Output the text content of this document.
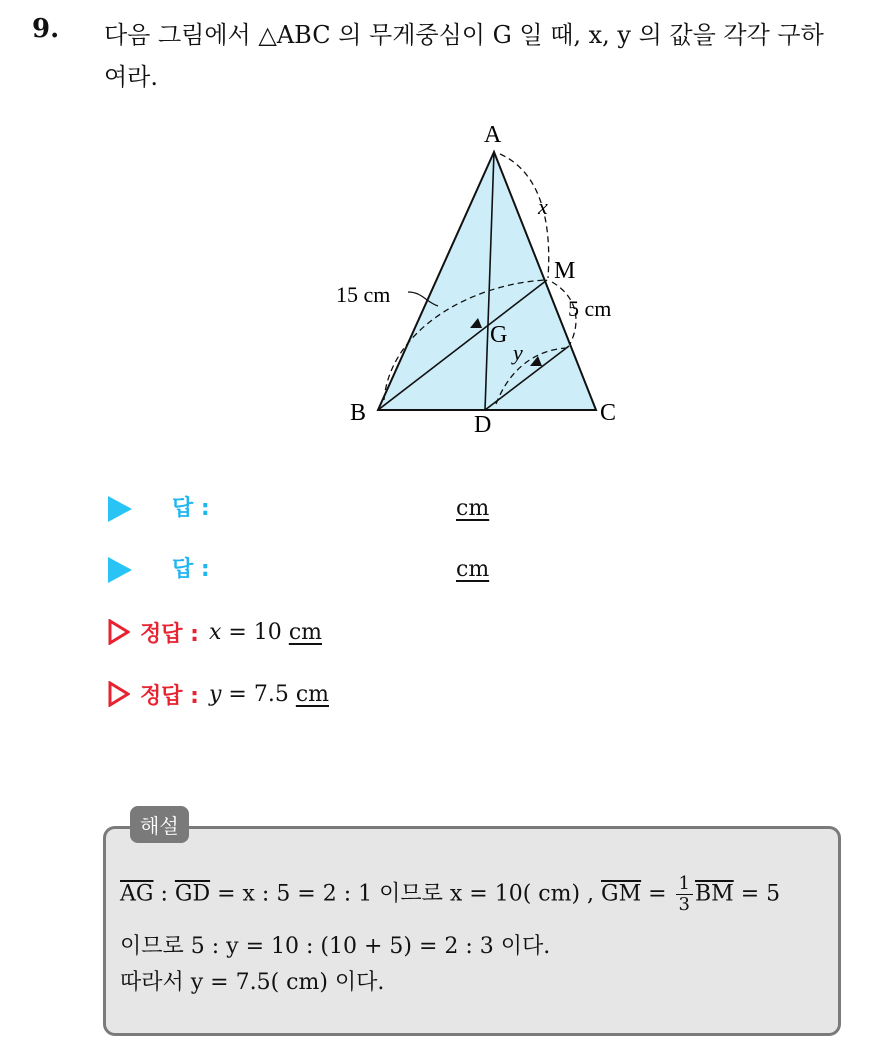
9. 다음 그림에서 △ABC 의 무게중심이 G 일 때, x, y 의 값을 각각 구하
여라.
A
B	C
D
G
M
x
y
15 cm
5 cm
답 :	cm
답 :	cm
정답 : x = 10 cm
정답 : y = 7.5 cm
해설
$\overline{AG}$ : $\overline{GD} = x$ : 5 = 2 : 1 이므로 x = 10( cm) , $\overline{GM} = \frac{1}{3} \overline{BM} = 5$
이므로 5 : y = 10 : (10 + 5) = 2 : 3 이다.
따라서 y = 7.5( cm) 이다.
